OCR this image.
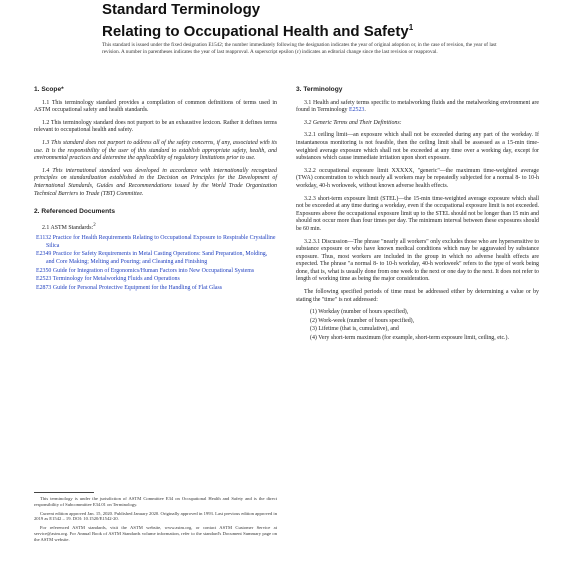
Standard Terminology
Relating to Occupational Health and Safety$^1$
This standard is issued under the fixed designation E1542; the number immediately following the designation indicates the year of original adoption or, in the case of revision, the year of last revision. A number in parentheses indicates the year of last reapproval. A superscript epsilon (ε) indicates an editorial change since the last revision or reapproval.
1. Scope*

1.1 This terminology standard provides a compilation of common definitions of terms used in ASTM occupational safety and health standards.

1.2 This terminology standard does not purport to be an exhaustive lexicon. Rather it defines terms relevant to occupational health and safety.

1.3 This standard does not purport to address all of the safety concerns, if any, associated with its use. It is the responsibility of the user of this standard to establish appropriate safety, health, and environmental practices and determine the applicability of regulatory limitations prior to use.

1.4 This international standard was developed in accordance with internationally recognized principles on standardization established in the Decision on Principles for the Development of International Standards, Guides and Recommendations issued by the World Trade Organization Technical Barriers to Trade (TBT) Committee.

2. Referenced Documents
2.1 ASTM Standards:$^2$
E1132 Practice for Health Requirements Relating to Occupational Exposure to Respirable Crystalline Silica
E2349 Practice for Safety Requirements in Metal Casting Operations: Sand Preparation, Molding, and Core Making; Melting and Pouring; and Cleaning and Finishing
E2350 Guide for Integration of Ergonomics/Human Factors into New Occupational Systems
E2523 Terminology for Metalworking Fluids and Operations
E2873 Guide for Personal Protective Equipment for the Handling of Flat Glass
3. Terminology

3.1 Health and safety terms specific to metalworking fluids and the metalworking environment are found in Terminology E2523.

3.2 Generic Terms and Their Definitions:

3.2.1 ceiling limit—an exposure which shall not be exceeded during any part of the workday. If instantaneous monitoring is not feasible, then the ceiling limit shall be assessed as a 15-min time-weighted average exposure which shall not be exceeded at any time over a working day, except for substances which cause immediate irritation upon short exposure.

3.2.2 occupational exposure limit XXXXX, "generic"—the maximum time-weighted average (TWA) concentration to which nearly all workers may be repeatedly subjected for a normal 8- to 10-h workday, 40-h workweek, without known adverse health effects.

3.2.3 short-term exposure limit (STEL)—the 15-min time-weighted average exposure which shall not be exceeded at any time during a workday, even if the occupational exposure limit is not exceeded. Exposures above the occupational exposure limit up to the STEL should not be longer than 15 min and should not occur more than four times per day. The minimum interval between these exposures should be 60 min.

3.2.3.1 Discussion—The phrase "nearly all workers" only excludes those who are hypersensitive to substance exposure or who have known medical conditions which may be aggravated by substance exposure. Thus, most workers are included in the group in which no adverse health effects are expected. The phrase "a normal 8- to 10-h workday, 40-h workweek" refers to the type of work being done, that is, what is usually done from one week to the next or one day to the next. It does not refer to length of working time as being the major consideration.

The following specified periods of time must be addressed either by determining a value or by stating the "time" is not addressed:

(1) Workday (number of hours specified),
(2) Work-week (number of hours specified),
(3) Lifetime (that is, cumulative), and
(4) Very short-term maximum (for example, short-term exposure limit, ceiling, etc.).

This terminology is under the jurisdiction of ASTM Committee E34 on Occupational Health and Safety and is the direct responsibility of Subcommittee E34.01 on Terminology.

Current edition approved Jan. 15, 2020. Published January 2020. Originally approved in 1993. Last previous edition approved in 2019 as E1542 – 19. DOI: 10.1520/E1542-20.

For referenced ASTM standards, visit the ASTM website, www.astm.org, or contact ASTM Customer Service at service@astm.org. For Annual Book of ASTM Standards volume information, refer to the standard's Document Summary page on the ASTM website.
